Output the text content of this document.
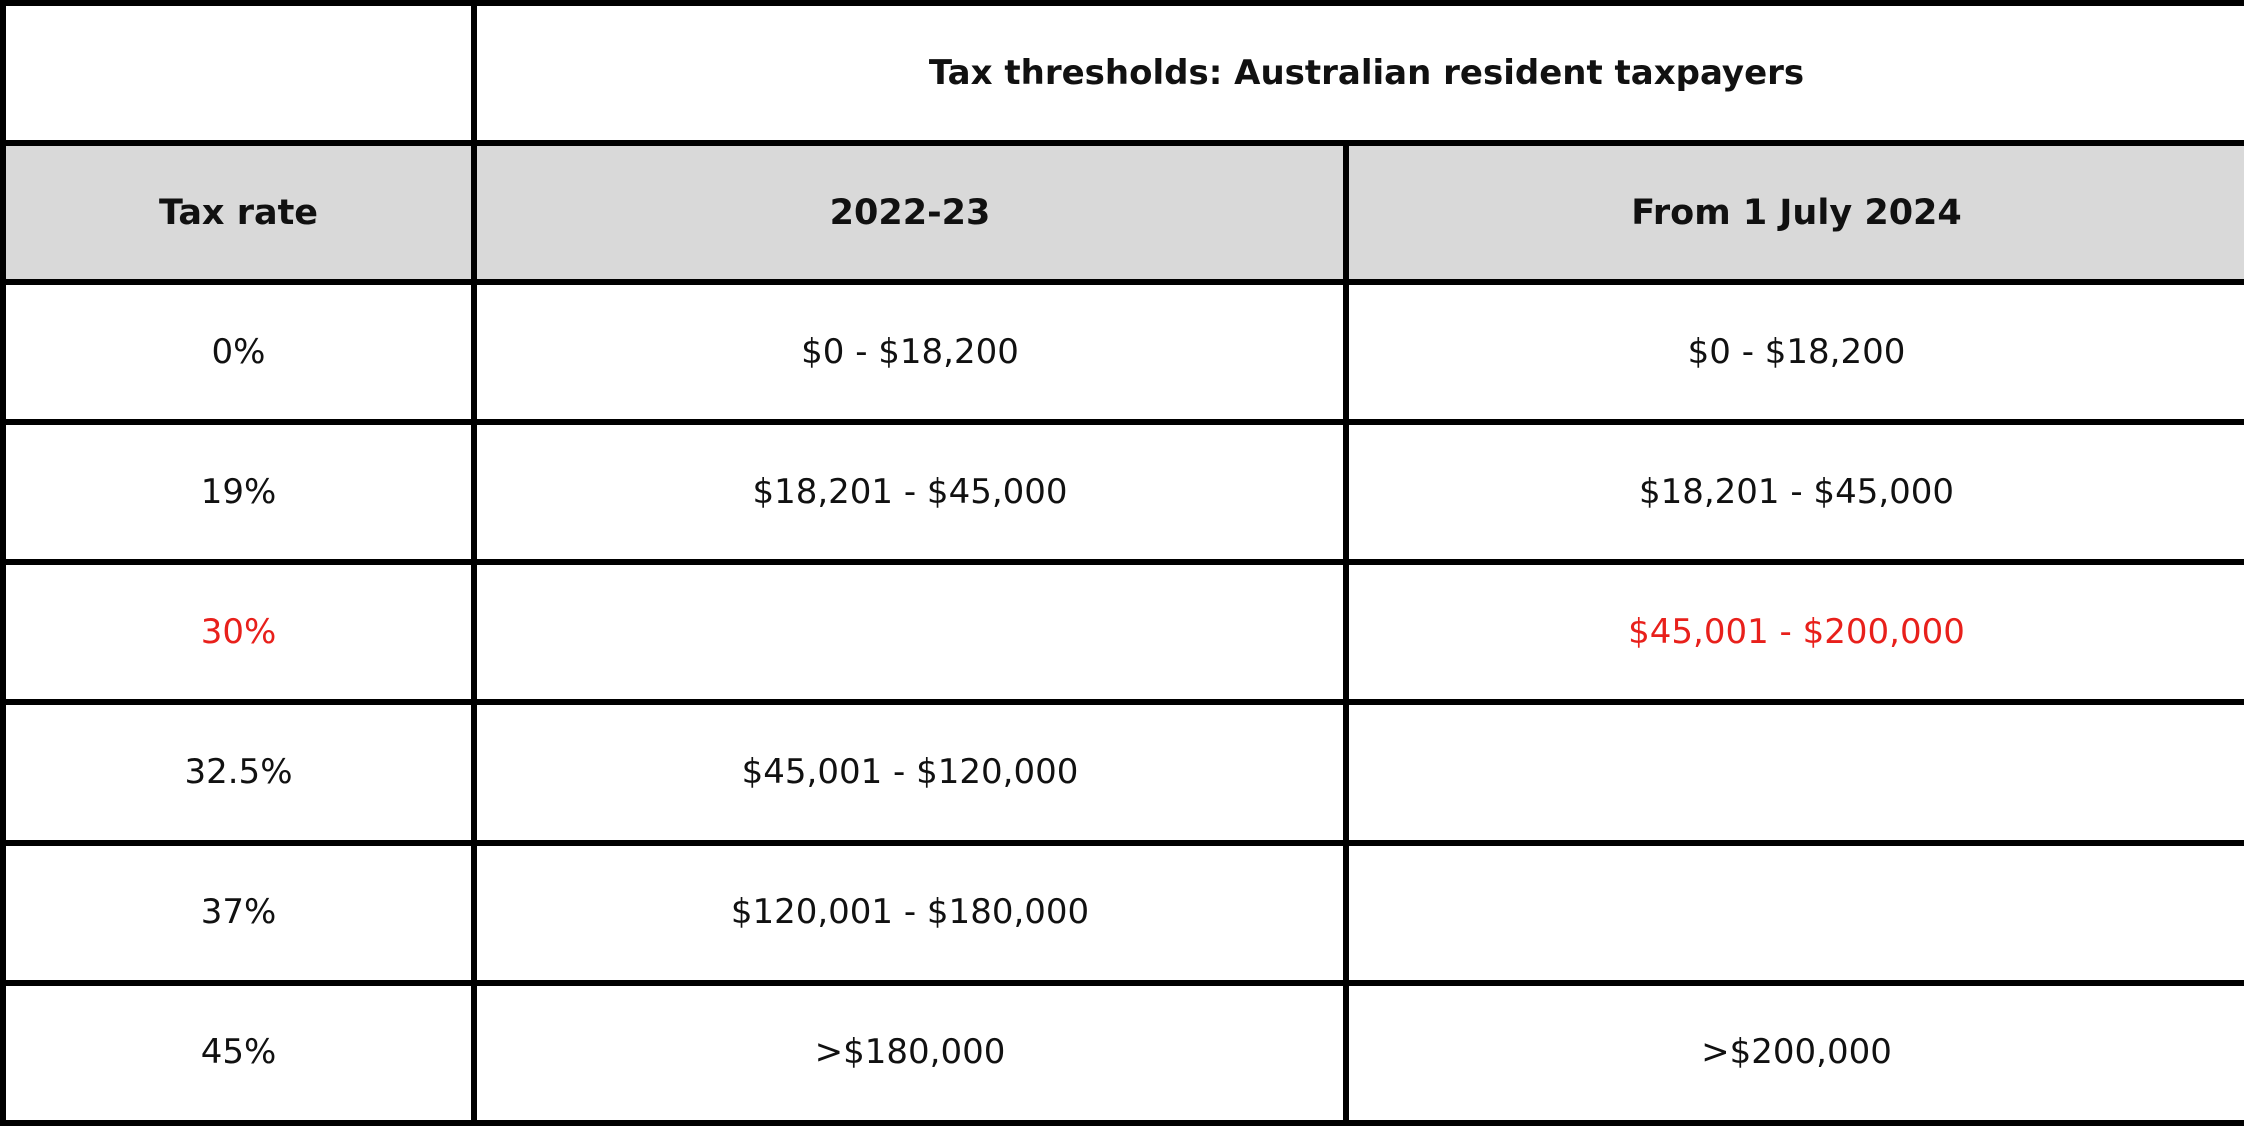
	Tax thresholds: Australian resident taxpayers	
Tax rate	2022-23	From 1 July 2024
0%	$0 - $18,200	$0 - $18,200
19%	$18,201 - $45,000	$18,201 - $45,000
30%		$45,001 - $200,000
32.5%	$45,001 - $120,000	
37%	$120,001 - $180,000	
45%	>$180,000	>$200,000
